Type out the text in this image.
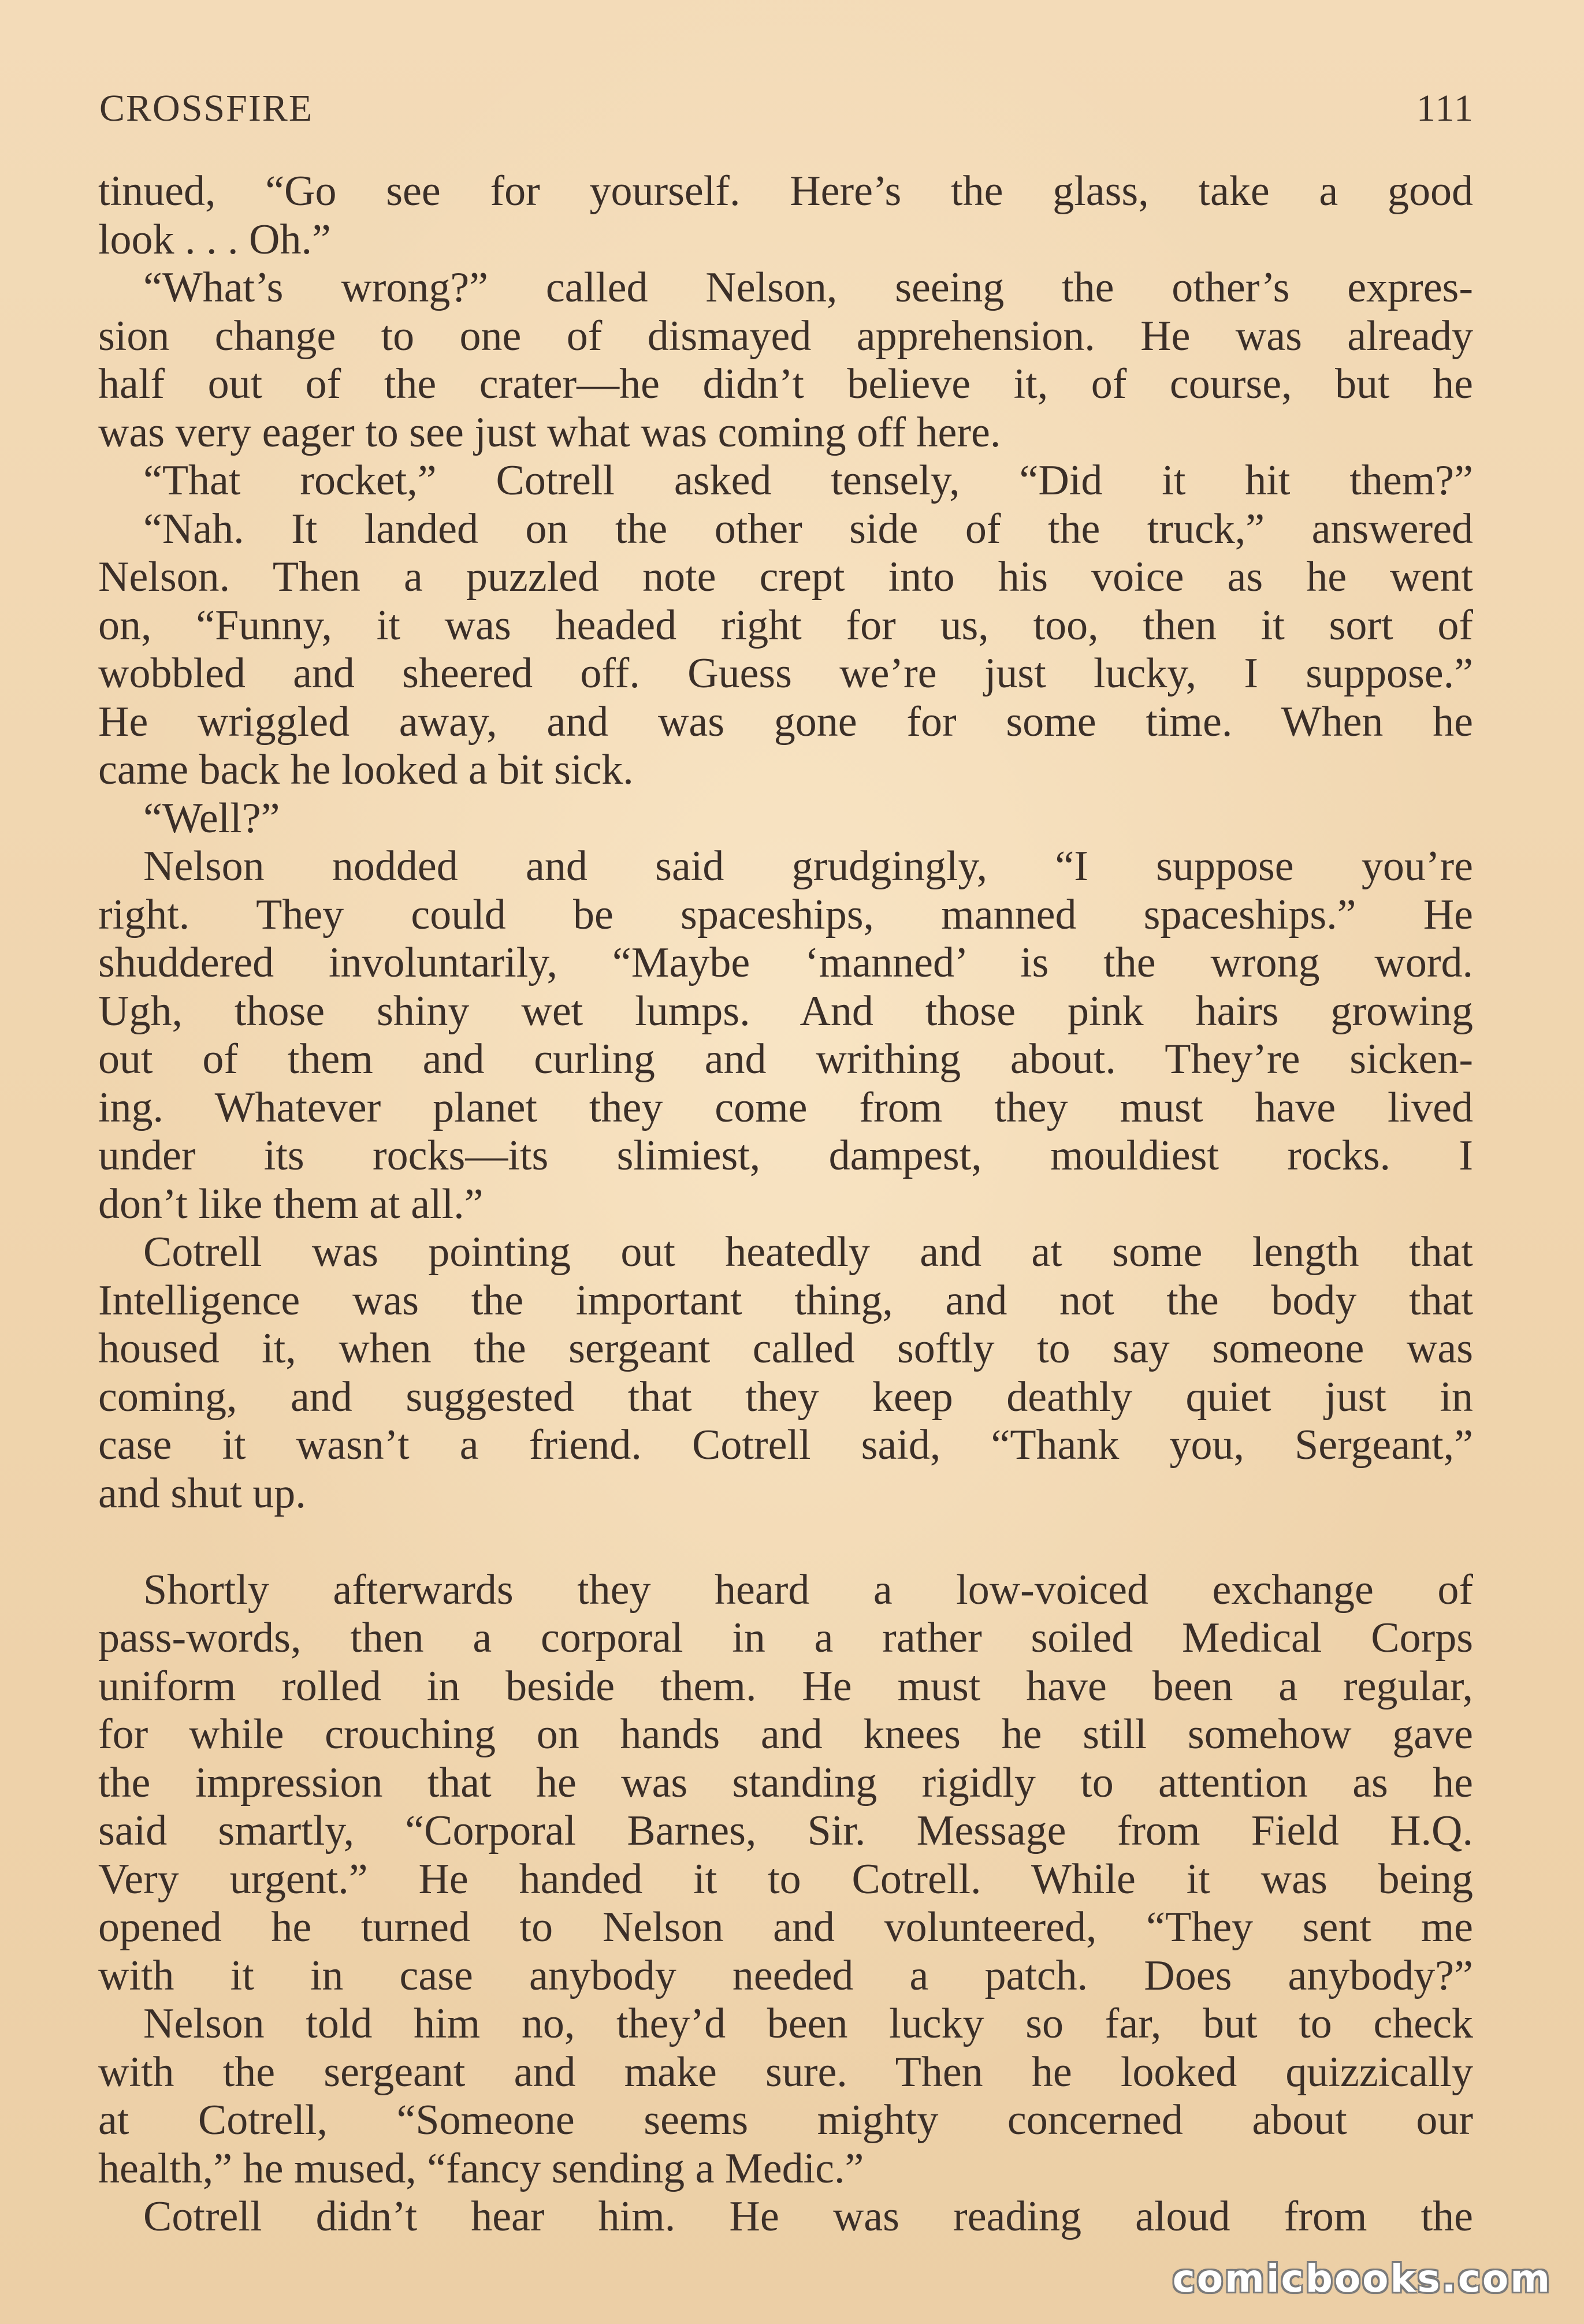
CROSSFIRE	111
tinued, “Go see for yourself. Here’s the glass, take a good
look . . . Oh.”
“What’s wrong?” called Nelson, seeing the other’s expres-
sion change to one of dismayed apprehension. He was already
half out of the crater—he didn’t believe it, of course, but he
was very eager to see just what was coming off here.
“That rocket,” Cotrell asked tensely, “Did it hit them?”
“Nah. It landed on the other side of the truck,” answered
Nelson. Then a puzzled note crept into his voice as he went
on, “Funny, it was headed right for us, too, then it sort of
wobbled and sheered off. Guess we’re just lucky, I suppose.”
He wriggled away, and was gone for some time. When he
came back he looked a bit sick.
“Well?”
Nelson nodded and said grudgingly, “I suppose you’re
right. They could be spaceships, manned spaceships.” He
shuddered involuntarily, “Maybe ‘manned’ is the wrong word.
Ugh, those shiny wet lumps. And those pink hairs growing
out of them and curling and writhing about. They’re sicken-
ing. Whatever planet they come from they must have lived
under its rocks—its slimiest, dampest, mouldiest rocks. I
don’t like them at all.”
Cotrell was pointing out heatedly and at some length that
Intelligence was the important thing, and not the body that
housed it, when the sergeant called softly to say someone was
coming, and suggested that they keep deathly quiet just in
case it wasn’t a friend. Cotrell said, “Thank you, Sergeant,”
and shut up.
Shortly afterwards they heard a low-voiced exchange of
pass-words, then a corporal in a rather soiled Medical Corps
uniform rolled in beside them. He must have been a regular,
for while crouching on hands and knees he still somehow gave
the impression that he was standing rigidly to attention as he
said smartly, “Corporal Barnes, Sir. Message from Field H.Q.
Very urgent.” He handed it to Cotrell. While it was being
opened he turned to Nelson and volunteered, “They sent me
with it in case anybody needed a patch. Does anybody?”
Nelson told him no, they’d been lucky so far, but to check
with the sergeant and make sure. Then he looked quizzically
at Cotrell, “Someone seems mighty concerned about our
health,” he mused, “fancy sending a Medic.”
Cotrell didn’t hear him. He was reading aloud from the
comicbooks.com
